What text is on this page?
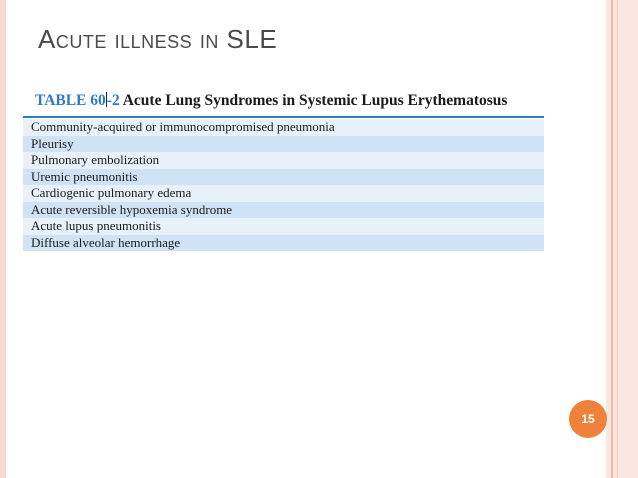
Acute illness in SLE
TABLE 60-2 Acute Lung Syndromes in Systemic Lupus Erythematosus
Community-acquired or immunocompromised pneumonia
Pleurisy
Pulmonary embolization
Uremic pneumonitis
Cardiogenic pulmonary edema
Acute reversible hypoxemia syndrome
Acute lupus pneumonitis
Diffuse alveolar hemorrhage
15
